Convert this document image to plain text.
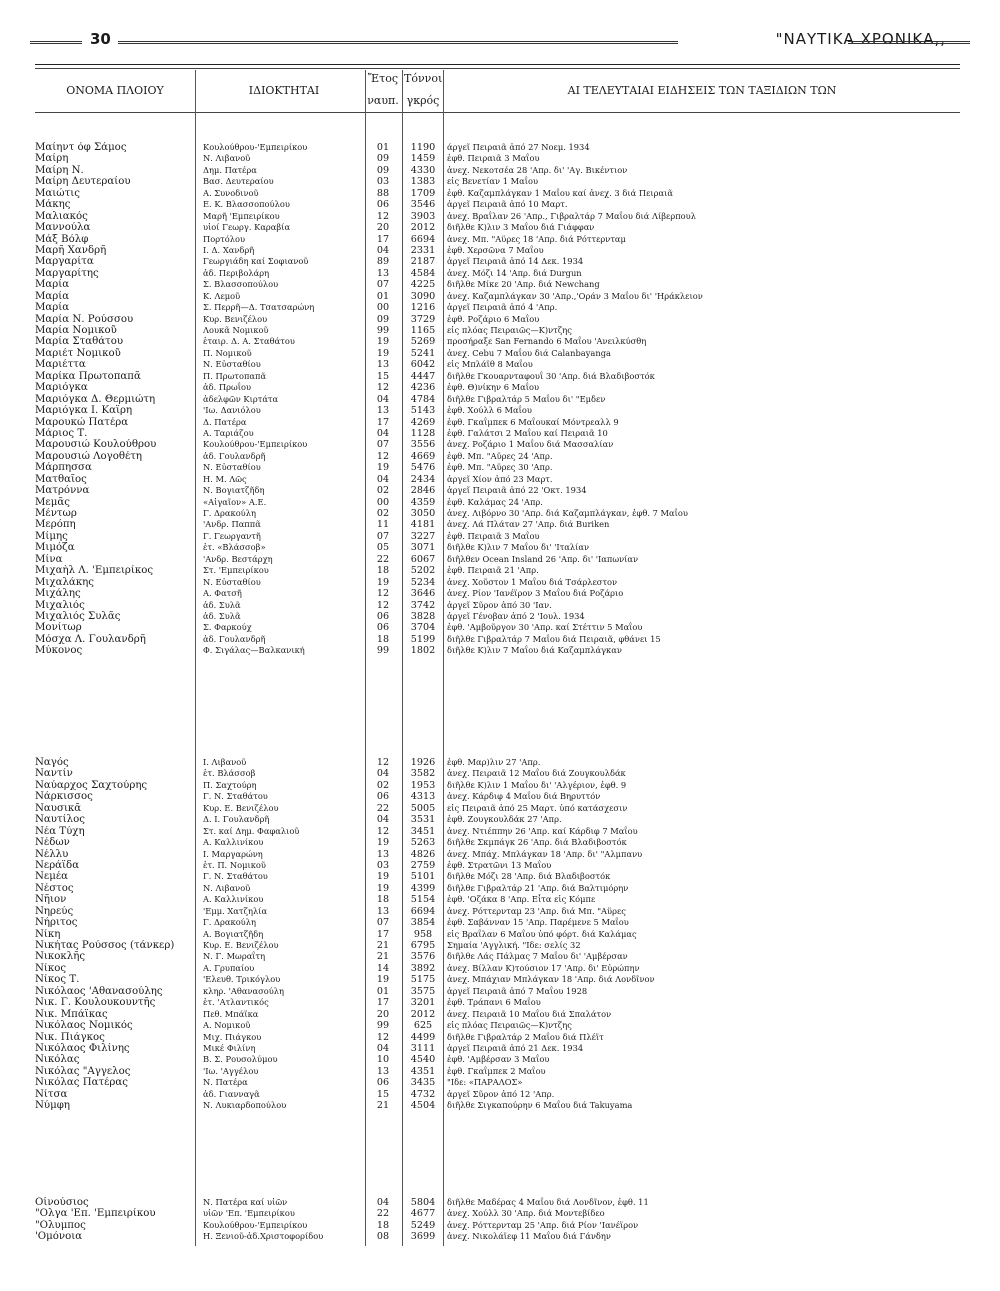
30	"ΝΑΥΤΙΚΑ ΧΡΟΝΙΚΑ,,
ΟΝΟΜΑ ΠΛΟΙΟΥ	ΙΔΙΟΚΤΗΤΑΙ
Ἔτος
ναυπ.
Τόννοι
γκρός
ΑΙ ΤΕΛΕΥΤΑΙΑΙ ΕΙΔΗΣΕΙΣ ΤΩΝ ΤΑΞΙΔΙΩΝ ΤΩΝ
Μαίηντ όφ Σάμος	Κουλούθρου-'Εμπειρίκου	01	1190	άργεῖ Πειραιᾶ ἀπό 27 Νοεμ. 1934
Μαίρη	Ν. Λιβανοῦ	09	1459	ἐφθ. Πειραιᾶ 3 Μαΐου
Μαίρη Ν.	Δημ. Πατέρα	09	4330	ἀνεχ. Νεκοτσέα 28 'Απρ. δι' 'Αγ. Βικέντιον
Μαίρη Δευτεραίου	Βασ. Δευτεραίου	03	1383	εἰς Βενετίαν 1 Μαΐου
Μαιώτις	Α. Συνοδινοῦ	88	1709	ἐφθ. Καζαμπλάγκαν 1 Μαΐου καί ἀνεχ. 3 διά Πειραιᾶ
Μάκης	Ε. Κ. Βλασσοπούλου	06	3546	ἀργεῖ Πειραιᾶ ἀπό 10 Μαρτ.
Μαλιακός	Μαρῆ 'Εμπειρίκου	12	3903	ἀνεχ. Βραΐλαν 26 'Απρ., Γιβραλτάρ 7 Μαΐου διά Λίβερπουλ
Μαννούλα	υἱοί Γεωργ. Καραβία	20	2012	διῆλθε Κ)λιν 3 Μαΐου διά Γιάφφαν
Μάξ Βόλφ	Πορτόλου	17	6694	ἀνεχ. Μπ. "Αϋρες 18 'Απρ. διά Ρόττερνταμ
Μαρῆ Χανδρῆ	Ι. Δ. Χανδρῆ	04	2331	ἐφθ. Χερσῶνα 7 Μαΐου
Μαργαρίτα	Γεωργιάδη καί Σοφιανοῦ	89	2187	ἀργεῖ Πειραιᾶ ἀπό 14 Δεκ. 1934
Μαργαρίτης	ἀδ. Περιβολάρη	13	4584	ἀνεχ. Μόζι 14 'Απρ. διά Durgun
Μαρία	Σ. Βλασσοπούλου	07	4225	διῆλθε Μίκε 20 'Απρ. διά Newchang
Μαρία	Κ. Λεμοῦ	01	3090	ἀνεχ. Καζαμπλάγκαν 30 'Απρ.,'Οράν 3 Μαΐου δι' 'Ηράκλειον
Μαρία	Σ. Περρῆ—Δ. Τσατσαρώνη	00	1216	ἀργεῖ Πειραιᾶ ἀπό 4 'Απρ.
Μαρία Ν. Ρούσσου	Κυρ. Βενιζέλου	09	3729	ἐφθ. Ροζάριο 6 Μαΐου
Μαρία Νομικοῦ	Λουκᾶ Νομικοῦ	99	1165	εἰς πλόας Πειραιῶς—Κ)ντζης
Μαρία Σταθάτου	ἑταιρ. Δ. Α. Σταθάτου	19	5269	προσήραξε San Fernando 6 Μαΐου 'Ανειλκύσθη
Μαριέτ Νομικοῦ	Π. Νομικοῦ	19	5241	ἀνεχ. Cebu 7 Μαΐου διά Calanbayanga
Μαριέττα	Ν. Εὐσταθίου	13	6042	εἰς Μπλάϊθ 8 Μαΐου
Μαρίκα Πρωτοπαπᾶ	Π. Πρωτοπαπᾶ	15	4447	διῆλθε Γκουαρνταφουΐ 30 'Απρ. διά Βλαδιβοστόκ
Μαριόγκα	ἀδ. Πρωΐου	12	4236	ἐφθ. Θ)νίκην 6 Μαΐου
Μαριόγκα Δ. Θερμιώτη	ἀδελφῶν Κιρτάτα	04	4784	διῆλθε Γιβραλτάρ 5 Μαΐου δι' "Εμδεν
Μαριόγκα Ι. Καΐρη	'Ιω. Δανιόλου	13	5143	ἐφθ. Χούλλ 6 Μαΐου
Μαρουκώ Πατέρα	Δ. Πατέρα	17	4269	ἐφθ. Γκαΐμπεκ 6 Μαΐουκαί Μόντρεαλλ 9
Μάριος Τ.	Α. Ταριάζου	04	1128	ἐφθ. Γαλάτσι 2 Μαΐου καί Πειραιᾶ 10
Μαρουσιώ Κουλούθρου	Κουλούθρου-'Εμπειρίκου	07	3556	ἀνεχ. Ροζάριο 1 Μαΐου διά Μασσαλίαν
Μαρουσιώ Λογοθέτη	ἀδ. Γουλανδρῆ	12	4669	ἐφθ. Μπ. "Αϋρες 24 'Απρ.
Μάρπησσα	Ν. Εὐσταθίου	19	5476	ἐφθ. Μπ. "Αϋρες 30 'Απρ.
Ματθαῖος	Η. Μ. Λῶς	04	2434	ἀργεῖ Χίον ἀπό 23 Μαρτ.
Ματρόννα	Ν. Βογιατζῆδη	02	2846	ἀργεῖ Πειραιᾶ ἀπό 22 'Οκτ. 1934
Μεμᾶς	«Αἰγαῖον» Α.Ε.	00	4359	ἐφθ. Καλάμας 24 'Απρ.
Μέντωρ	Γ. Δρακούλη	02	3050	ἀνεχ. Λιβόρνο 30 'Απρ. διά Καζαμπλάγκαν, ἐφθ. 7 Μαΐου
Μερόπη	'Ανδρ. Παππᾶ	11	4181	ἀνεχ. Λά Πλάταν 27 'Απρ. διά Buriken
Μίμης	Γ. Γεωργαντῆ	07	3227	ἐφθ. Πειραιᾶ 3 Μαΐου
Μιμόζα	ἑτ. «Βλάσσοβ»	05	3071	διῆλθε Κ)λιν 7 Μαΐου δι' 'Ιταλίαν
Μίνα	'Ανδρ. Βεστάρχη	22	6067	διῆλθεν Ocean Insland 26 'Απρ. δι' 'Ιαπωνίαν
Μιχαὴλ Λ. 'Εμπειρίκος	Στ. 'Εμπειρίκου	18	5202	ἐφθ. Πειραιᾶ 21 'Απρ.
Μιχαλάκης	Ν. Εὐσταθίου	19	5234	ἀνεχ. Χοῦστον 1 Μαΐου διά Τσάρλεστον
Μιχάλης	Α. Φατσῆ	12	3646	ἀνεχ. Ρίον 'Ιανέϊρον 3 Μαΐου διά Ροζάριο
Μιχαλιός	ἀδ. Συλᾶ	12	3742	ἀργεῖ Σῦρον ἀπό 30 'Ιαν.
Μιχαλιός Συλᾶς	ἀδ. Συλᾶ	06	3828	ἀργεῖ Γένοβαν ἀπό 2 'Ιουλ. 1934
Μονίτωρ	Σ. Φαρκούχ	06	3704	ἐφθ. 'Αμβοῦργον 30 'Απρ. καί Στέττιν 5 Μαΐου
Μόσχα Λ. Γουλανδρῆ	ἀδ. Γουλανδρῆ	18	5199	διῆλθε Γιβραλτάρ 7 Μαΐου διά Πειραιᾶ, φθάνει 15
Μύκονος	Φ. Σιγάλας—Βαλκανική	99	1802	διῆλθε Κ)λιν 7 Μαΐου διά Καζαμπλάγκαν
Ναγός	Ι. Λιβανοῦ	12	1926	ἐφθ. Μαρ)λιν 27 'Απρ.
Ναντίν	ἑτ. Βλάσσοβ	04	3582	ἀνεχ. Πειραιᾶ 12 Μαΐου διά Ζουγκουλδάκ
Ναύαρχος Σαχτούρης	Π. Σαχτούρη	02	1953	διῆλθε Κ)λιν 1 Μαΐου δι' 'Αλγέριον, ἐφθ. 9
Νάρκισσος	Γ. Ν. Σταθάτου	06	4313	ἀνεχ. Κάρδιφ 4 Μαΐου διά Βηρυττόν
Ναυσικᾶ	Κυρ. Ε. Βενιζέλου	22	5005	εἰς Πειραιᾶ ἀπό 25 Μαρτ. ὑπό κατάσχεσιν
Ναυτίλος	Δ. Ι. Γουλανδρῆ	04	3531	ἐφθ. Ζουγκουλδάκ 27 'Απρ.
Νέα Τύχη	Στ. καί Δημ. Φαφαλιοῦ	12	3451	ἀνεχ. Ντιέππην 26 'Απρ. καί Κάρδιφ 7 Μαΐου
Νέδων	Α. Καλλινίκου	19	5263	διῆλθε Σκμπάγκ 26 'Απρ. διά Βλαδιβοστόκ
Νέλλυ	Ι. Μαργαρώνη	13	4826	ἀνεχ. Μπάχ. Μπλάγκαν 18 'Απρ. δι' "Αλμπανυ
Νεράϊδα	ἑτ. Π. Νομικοῦ	03	2759	ἐφθ. Στρατῶνι 13 Μαΐου
Νεμέα	Γ. Ν. Σταθάτου	19	5101	διῆλθε Μόζι 28 'Απρ. διά Βλαδιβοστόκ
Νέστος	Ν. Λιβανοῦ	19	4399	διῆλθε Γιβραλτάρ 21 'Απρ. διά Βαλτιμόρην
Νῆιον	Α. Καλλινίκου	18	5154	ἐφθ. 'Οζάκα 8 'Απρ. Εἶτα εἰς Κόμπε
Νηρεύς	'Εμμ. Χατζηλία	13	6694	ἀνεχ. Ρόττερνταμ 23 'Απρ. διά Μπ. "Αϋρες
Νήριτος	Γ. Δρακούλη	07	3854	ἐφθ. Σαβάνναν 15 'Απρ. Παρέμενε 5 Μαΐου
Νίκη	Α. Βογιατζῆδη	17	958	εἰς Βραΐλαν 6 Μαΐου ὑπό φόρτ. διά Καλάμας
Νικήτας Ρούσσος (τάνκερ)	Κυρ. Ε. Βενιζέλου	21	6795	Σημαία 'Αγγλική. "Ιδε: σελίς 32
Νικοκλῆς	Ν. Γ. Μωραΐτη	21	3576	διῆλθε Λάς Πάλμας 7 Μαΐου δι' 'Αμβέρσαν
Νίκος	Α. Γρυπαίου	14	3892	ἀνεχ. Βίλλαν Κ)τούσιον 17 'Απρ. δι' Εὐρώπην
Νίκος Τ.	'Ελευθ. Τρικόγλου	19	5175	ἀνεχ. Μπάχιαν Μπλάγκαν 18 'Απρ. διά Λονδῖνον
Νικόλαος 'Αθανασούλης	κληρ. 'Αθανασούλη	01	3575	ἀργεῖ Πειραιᾶ ἀπό 7 Μαΐου 1928
Νικ. Γ. Κουλουκουντῆς	ἑτ. 'Ατλαντικός	17	3201	ἐφθ. Τράπανι 6 Μαΐου
Νικ. Μπάϊκας	Πεθ. Μπάϊκα	20	2012	ἀνεχ. Πειραιᾶ 10 Μαΐου διά Σπαλάτον
Νικόλαος Νομικός	Α. Νομικοῦ	99	625	εἰς πλόας Πειραιῶς—Κ)ντζης
Νικ. Πιάγκος	Μιχ. Πιάγκου	12	4499	διῆλθε Γιβραλτάρ 2 Μαΐου διά Πλέϊτ
Νικόλαος Φιλίνης	Μικέ Φιλίνη	04	3111	ἀργεῖ Πειραιᾶ ἀπό 21 Δεκ. 1934
Νικόλας	Β. Σ. Ρουσολύμου	10	4540	ἐφθ. 'Αμβέρσαν 3 Μαΐου
Νικόλας "Αγγελος	'Ιω. 'Αγγέλου	13	4351	ἐφθ. Γκαΐμπεκ 2 Μαΐου
Νικόλας Πατέρας	Ν. Πατέρα	06	3435	"Ιδε: «ΠΑΡΑΛΟΣ»
Νίτσα	ἀδ. Γιανναγᾶ	15	4732	ἀργεῖ Σῦρον ἀπό 12 'Απρ.
Νύμφη	Ν. Λυκιαρδοπούλου	21	4504	διῆλθε Σιγκαπούρην 6 Μαΐου διά Takuyama
Οἰνούσιος	Ν. Πατέρα καί υἱῶν	04	5804	διῆλθε Μαδέρας 4 Μαΐου διά Λονδῖνον, ἐφθ. 11
"Ολγα 'Επ. 'Εμπειρίκου	υἱῶν 'Επ. 'Εμπειρίκου	22	4677	ἀνεχ. Χούλλ 30 'Απρ. διά Μοντεβίδεο
"Ολυμπος	Κουλούθρου-'Εμπειρίκου	18	5249	ἀνεχ. Ρόττερνταμ 25 'Απρ. διά Ρίον 'Ιανέϊρον
'Ομόνοια	Η. Ξενιοῦ-ἀδ.Χριστοφορίδου	08	3699	ἀνεχ. Νικολάϊεφ 11 Μαΐου διά Γάνδην
